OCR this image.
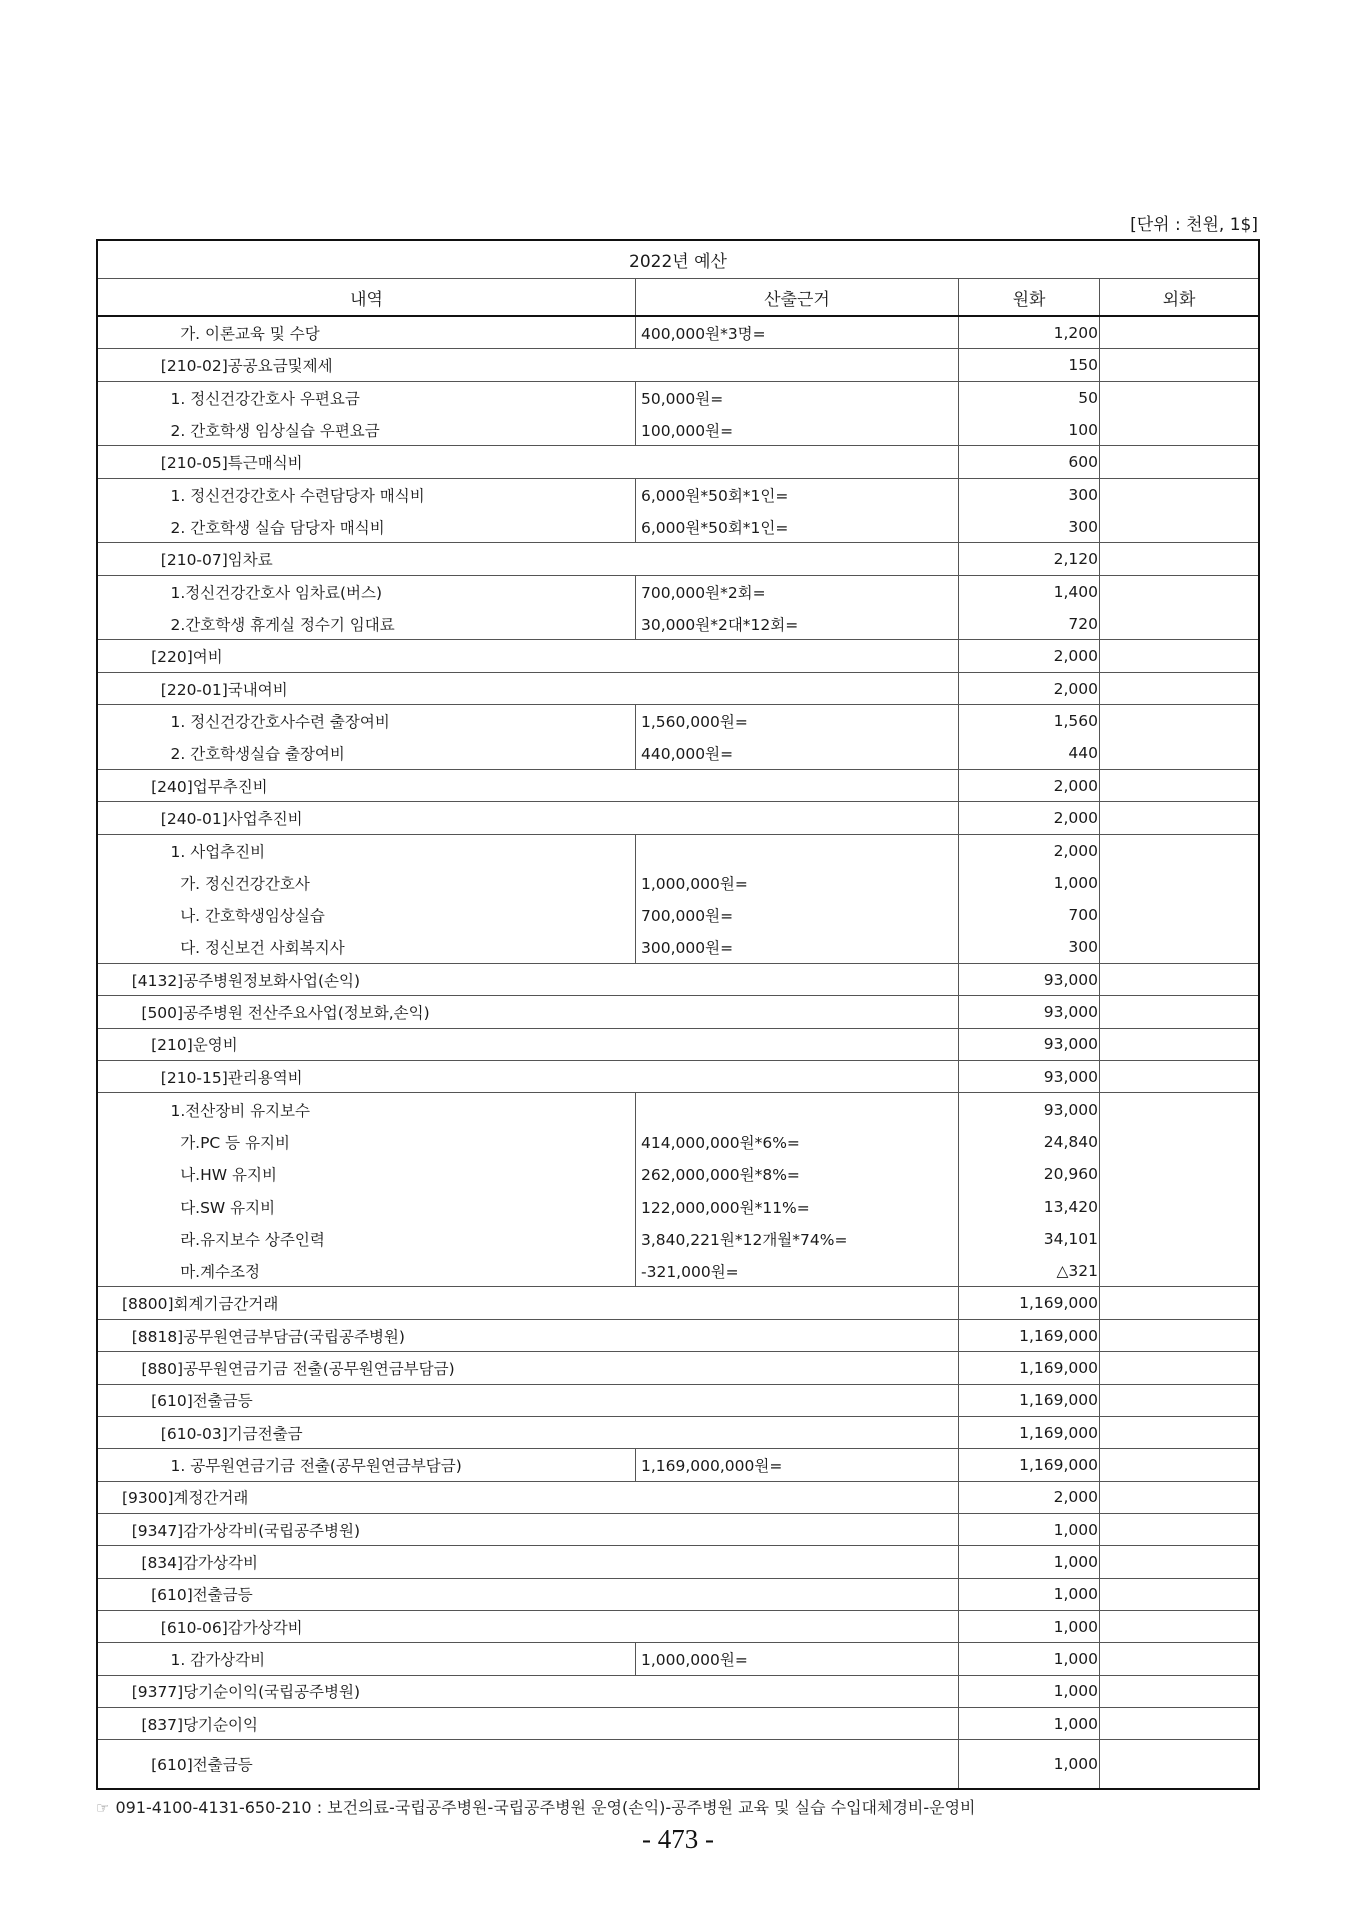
[단위 : 천원, 1$]
2022년 예산
내역	산출근거	원화	외화
가. 이론교육 및 수당	400,000원*3명=	1,200
[210-02]공공요금및제세	150
1. 정신건강간호사 우편요금	50,000원=	50
2. 간호학생 임상실습 우편요금	100,000원=	100
[210-05]특근매식비	600
1. 정신건강간호사 수련담당자 매식비	6,000원*50회*1인=	300
2. 간호학생 실습 담당자 매식비	6,000원*50회*1인=	300
[210-07]임차료	2,120
1.정신건강간호사 임차료(버스)	700,000원*2회=	1,400
2.간호학생 휴게실 정수기 임대료	30,000원*2대*12회=	720
[220]여비	2,000
[220-01]국내여비	2,000
1. 정신건강간호사수련 출장여비	1,560,000원=	1,560
2. 간호학생실습 출장여비	440,000원=	440
[240]업무추진비	2,000
[240-01]사업추진비	2,000
1. 사업추진비	2,000
가. 정신건강간호사	1,000,000원=	1,000
나. 간호학생임상실습	700,000원=	700
다. 정신보건 사회복지사	300,000원=	300
[4132]공주병원정보화사업(손익)	93,000
[500]공주병원 전산주요사업(정보화,손익)	93,000
[210]운영비	93,000
[210-15]관리용역비	93,000
1.전산장비 유지보수	93,000
가.PC 등 유지비	414,000,000원*6%=	24,840
나.HW 유지비	262,000,000원*8%=	20,960
다.SW 유지비	122,000,000원*11%=	13,420
라.유지보수 상주인력	3,840,221원*12개월*74%=	34,101
마.계수조정	-321,000원=	△321
[8800]회계기금간거래	1,169,000
[8818]공무원연금부담금(국립공주병원)	1,169,000
[880]공무원연금기금 전출(공무원연금부담금)	1,169,000
[610]전출금등	1,169,000
[610-03]기금전출금	1,169,000
1. 공무원연금기금 전출(공무원연금부담금)	1,169,000,000원=	1,169,000
[9300]계정간거래	2,000
[9347]감가상각비(국립공주병원)	1,000
[834]감가상각비	1,000
[610]전출금등	1,000
[610-06]감가상각비	1,000
1. 감가상각비	1,000,000원=	1,000
[9377]당기순이익(국립공주병원)	1,000
[837]당기순이익	1,000
[610]전출금등	1,000
☞ 091-4100-4131-650-210 : 보건의료-국립공주병원-국립공주병원 운영(손익)-공주병원 교육 및 실습 수입대체경비-운영비
- 473 -
